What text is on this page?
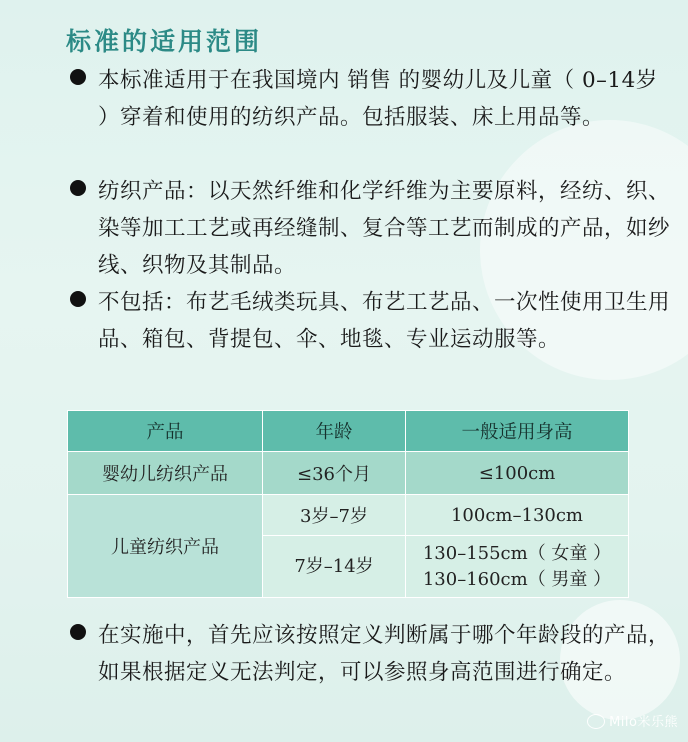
标准的适用范围
本标准适用于在我国境内 销售 的婴幼儿及儿童（ 0–14岁 ）穿着和使用的纺织产品。包括服装、床上用品等。
纺织产品：以天然纤维和化学纤维为主要原料，经纺、织、染等加工工艺或再经缝制、复合等工艺而制成的产品，如纱线、织物及其制品。
不包括：布艺毛绒类玩具、布艺工艺品、一次性使用卫生用品、箱包、背提包、伞、地毯、专业运动服等。
产品	年龄	一般适用身高
婴幼儿纺织产品	≤36个月	≤100cm
儿童纺织产品	3岁–7岁	100cm–130cm
	7岁–14岁	130–155cm（ 女童 ）
130–160cm（ 男童 ）
在实施中，首先应该按照定义判断属于哪个年龄段的产品，如果根据定义无法判定，可以参照身高范围进行确定。
Milo米乐熊
